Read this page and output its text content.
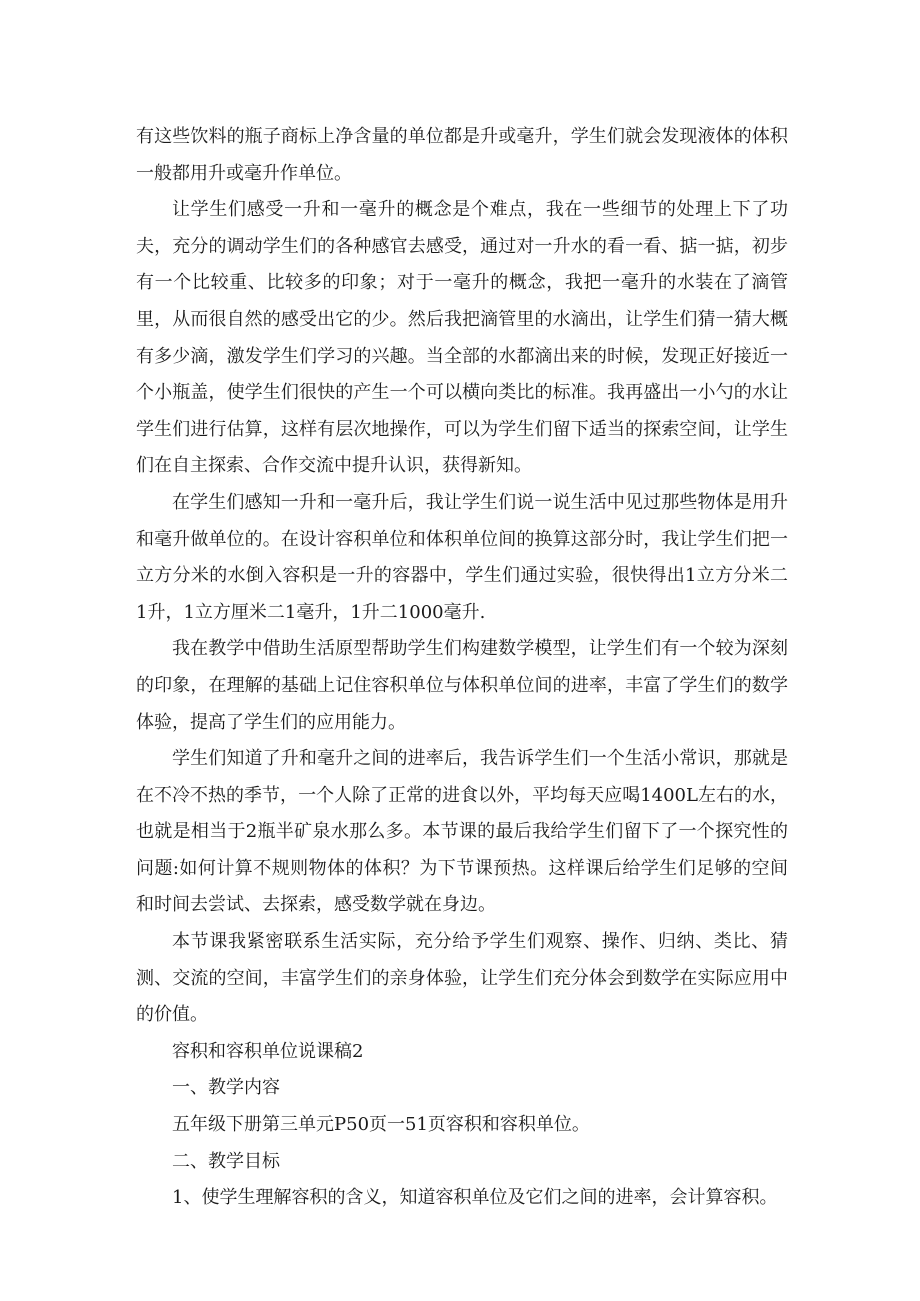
有这些饮料的瓶子商标上净含量的单位都是升或毫升，学生们就会发现液体的体积一般都用升或毫升作单位。

让学生们感受一升和一毫升的概念是个难点，我在一些细节的处理上下了功夫，充分的调动学生们的各种感官去感受，通过对一升水的看一看、掂一掂，初步有一个比较重、比较多的印象；对于一毫升的概念，我把一毫升的水装在了滴管里，从而很自然的感受出它的少。然后我把滴管里的水滴出，让学生们猜一猜大概有多少滴，激发学生们学习的兴趣。当全部的水都滴出来的时候，发现正好接近一个小瓶盖，使学生们很快的产生一个可以横向类比的标准。我再盛出一小勺的水让学生们进行估算，这样有层次地操作，可以为学生们留下适当的探索空间，让学生们在自主探索、合作交流中提升认识，获得新知。

在学生们感知一升和一毫升后，我让学生们说一说生活中见过那些物体是用升和毫升做单位的。在设计容积单位和体积单位间的换算这部分时，我让学生们把一立方分米的水倒入容积是一升的容器中，学生们通过实验，很快得出1立方分米二1升，1立方厘米二1毫升，1升二1000毫升.

我在教学中借助生活原型帮助学生们构建数学模型，让学生们有一个较为深刻的印象，在理解的基础上记住容积单位与体积单位间的进率，丰富了学生们的数学体验，提高了学生们的应用能力。

学生们知道了升和毫升之间的进率后，我告诉学生们一个生活小常识，那就是在不冷不热的季节，一个人除了正常的进食以外，平均每天应喝1400L左右的水，也就是相当于2瓶半矿泉水那么多。本节课的最后我给学生们留下了一个探究性的问题:如何计算不规则物体的体积？为下节课预热。这样课后给学生们足够的空间和时间去尝试、去探索，感受数学就在身边。

本节课我紧密联系生活实际，充分给予学生们观察、操作、归纳、类比、猜测、交流的空间，丰富学生们的亲身体验，让学生们充分体会到数学在实际应用中的价值。

容积和容积单位说课稿2

一、教学内容

五年级下册第三单元P50页一51页容积和容积单位。

二、教学目标

1、使学生理解容积的含义，知道容积单位及它们之间的进率，会计算容积。
